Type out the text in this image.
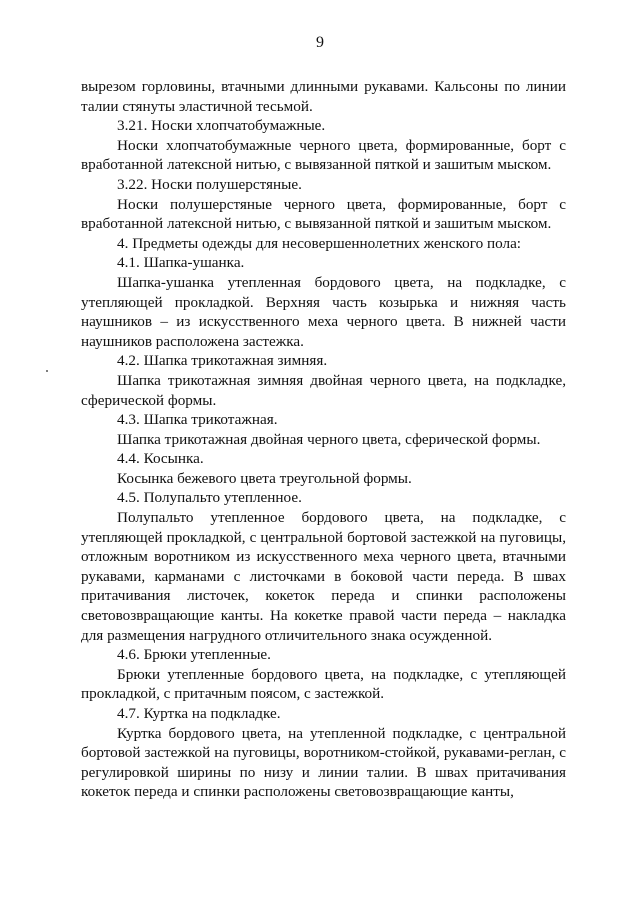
9

вырезом горловины, втачными длинными рукавами. Кальсоны по линии талии стянуты эластичной тесьмой.

3.21. Носки хлопчатобумажные.

Носки хлопчатобумажные черного цвета, формированные, борт с вработанной латексной нитью, с вывязанной пяткой и зашитым мыском.

3.22. Носки полушерстяные.

Носки полушерстяные черного цвета, формированные, борт с вработанной латексной нитью, с вывязанной пяткой и зашитым мыском.

4. Предметы одежды для несовершеннолетних женского пола:

4.1. Шапка-ушанка.

Шапка-ушанка утепленная бордового цвета, на подкладке, с утепляющей прокладкой. Верхняя часть козырька и нижняя часть наушников – из искусственного меха черного цвета. В нижней части наушников расположена застежка.

4.2. Шапка трикотажная зимняя.

Шапка трикотажная зимняя двойная черного цвета, на подкладке, сферической формы.

4.3. Шапка трикотажная.

Шапка трикотажная двойная черного цвета, сферической формы.

4.4. Косынка.

Косынка бежевого цвета треугольной формы.

4.5. Полупальто утепленное.

Полупальто утепленное бордового цвета, на подкладке, с утепляющей прокладкой, с центральной бортовой застежкой на пуговицы, отложным воротником из искусственного меха черного цвета, втачными рукавами, карманами с листочками в боковой части переда. В швах притачивания листочек, кокеток переда и спинки расположены световозвращающие канты. На кокетке правой части переда – накладка для размещения нагрудного отличительного знака осужденной.

4.6. Брюки утепленные.

Брюки утепленные бордового цвета, на подкладке, с утепляющей прокладкой, с притачным поясом, с застежкой.

4.7. Куртка на подкладке.

Куртка бордового цвета, на утепленной подкладке, с центральной бортовой застежкой на пуговицы, воротником-стойкой, рукавами-реглан, с регулировкой ширины по низу и линии талии. В швах притачивания кокеток переда и спинки расположены световозвращающие канты,
